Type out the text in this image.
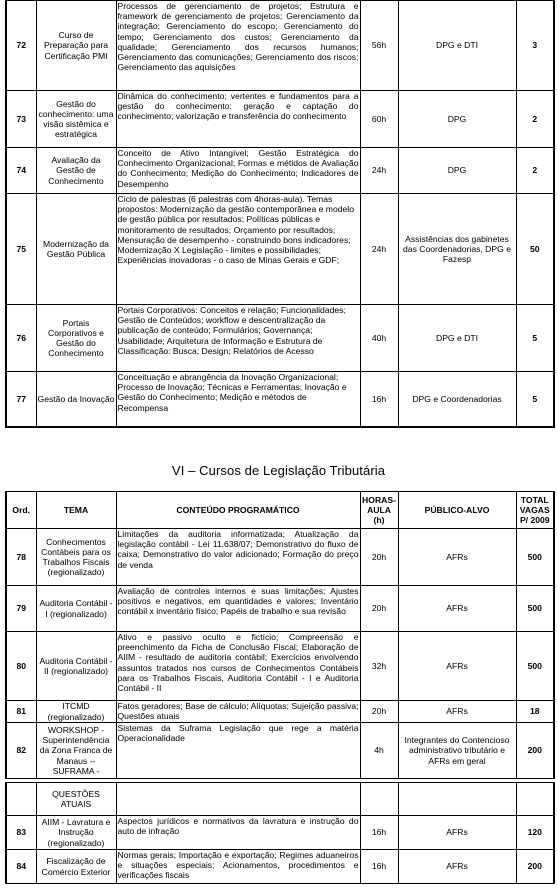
72	Curso de Preparação para Certificação PMI	Processos de gerenciamento de projetos; Estrutura e framework de gerenciamento de projetos; Gerenciamento da integração; Gerenciamento do escopo; Gerenciamento do tempo; Gerenciamento dos custos; Gerenciamento da qualidade; Gerenciamento dos recursos humanos; Gerenciamento das comunicações; Gerenciamento dos riscos; Gerenciamento das aquisições	56h	DPG e DTI	3
73	Gestão do conhecimento: uma visão sistêmica e estratégica	Dinâmica do conhecimento; vertentes e fundamentos para a gestão do conhecimento; geração e captação do conhecimento; valorização e transferência do conhecimento	60h	DPG	2
74	Avaliação da Gestão de Conhecimento	Conceito de Ativo Intangível; Gestão Estratégica do Conhecimento Organizacional; Formas e métidos de Avaliação do Conhecimento; Medição do Conhecimento; Indicadores de Desempenho	24h	DPG	2
75	Modernização da Gestão Pública	Ciclo de palestras (6 palestras com 4horas-aula). Temas propostos: Modernização da gestão contemporânea e modelo de gestão pública por resultados; Políticas públicas e monitoramento de resultados; Orçamento por resultados; Mensuração de desempenho - construindo bons indicadores; Modernização X Legislação - limites e possibilidades; Experiências inovadoras - o caso de Minas Gerais e GDF;	24h	Assistências dos gabinetes das Coordenadorias, DPG e Fazesp	50
76	Portais Corporativos e Gestão do Conhecimento	Portais Corporativos: Conceitos e relação; Funcionalidades; Gestão de Conteúdos; workflow e descentralização da publicação de conteúdo; Formulários; Governança; Usabilidade; Arquitetura de Informação e Estrutura de Classificação: Busca; Design; Relatórios de Acesso	40h	DPG e DTI	5
77	Gestão da Inovação	Conceituação e abrangência da Inovação Organizacional; Processo de Inovação; Técnicas e Ferramentas; Inovação e Gestão do Conhecimento; Medição e métodos de Recompensa	16h	DPG e Coordenadorias	5
VI – Cursos de Legislação Tributária
Ord.	TEMA	CONTEÚDO PROGRAMÁTICO	HORAS-AULA (h)	PÚBLICO-ALVO	TOTAL VAGAS P/ 2009
78	Conhecimentos Contábeis para os Trabalhos Fiscais (regionalizado)	Limitações da auditoria informatizada; Atualização da legislação contábil - Lei 11.638/07; Demonstrativo do fluxo de caixa; Demonstrativo do valor adicionado; Formação do preço de venda	20h	AFRs	500
79	Auditoria Contábil - I (regionalizado)	Avaliação de controles internos e suas limitações; Ajustes positivos e negativos, em quantidades e valores; Inventário contábil x inventário físico; Papéis de trabalho e sua revisão	20h	AFRs	500
80	Auditoria Contábil - II (regionalizado)	Ativo e passivo oculto e fictício; Compreensão e preenchimento da Ficha de Conclusão Fiscal; Elaboração de AIIM - resultado de auditoria contábil; Exercícios envolvendo assuntos tratados nos cursos de Conhecimentos Contábeis para os Trabalhos Fiscais, Auditoria Contábil - I e Auditoria Contábil - II	32h	AFRs	500
81	ITCMD (regionalizado)	Fatos geradores; Base de cálculo; Alíquotas; Sujeição passiva; Questões atuais	20h	AFRs	18
82	WORKSHOP - Superintendência da Zona Franca de Manaus -- SUFRAMA -	Sistemas da Suframa Legislação que rege a matéria Operacionalidade	4h	Integrantes do Contencioso administrativo tributário e AFRs em geral	200

	QUESTÕES ATUAIS				
83	AIIM - Lavratura e Instrução (regionalizado)	Aspectos jurídicos e normativos da lavratura e instrução do auto de infração	16h	AFRs	120
84	Fiscalização de Comércio Exterior	Normas gerais; Importação e exportação; Regimes aduaneiros e situações especiais; Acionamentos, procedimentos e verificações fiscais	16h	AFRs	200
